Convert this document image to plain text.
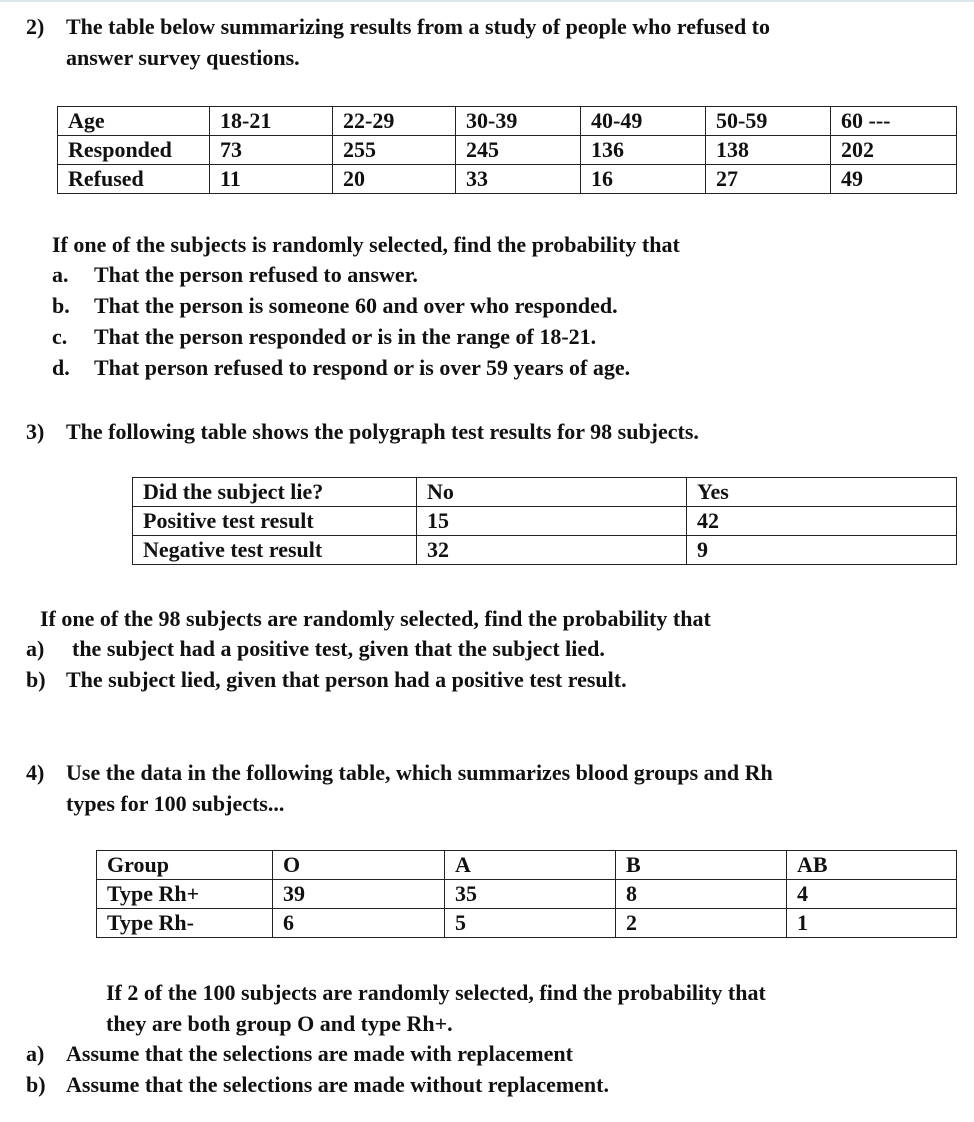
2) The table below summarizing results from a study of people who refused to
answer survey questions.
Age	18-21	22-29	30-39	40-49	50-59	60 ---
Responded	73	255	245	136	138	202
Refused	11	20	33	16	27	49
If one of the subjects is randomly selected, find the probability that
a. That the person refused to answer.
b. That the person is someone 60 and over who responded.
c. That the person responded or is in the range of 18-21.
d. That person refused to respond or is over 59 years of age.
3) The following table shows the polygraph test results for 98 subjects.
Did the subject lie?	No	Yes
Positive test result	15	42
Negative test result	32	9
If one of the 98 subjects are randomly selected, find the probability that
a) the subject had a positive test, given that the subject lied.
b) The subject lied, given that person had a positive test result.
4) Use the data in the following table, which summarizes blood groups and Rh
types for 100 subjects...
Group	O	A	B	AB
Type Rh+	39	35	8	4
Type Rh-	6	5	2	1
If 2 of the 100 subjects are randomly selected, find the probability that
they are both group O and type Rh+.
a) Assume that the selections are made with replacement
b) Assume that the selections are made without replacement.
